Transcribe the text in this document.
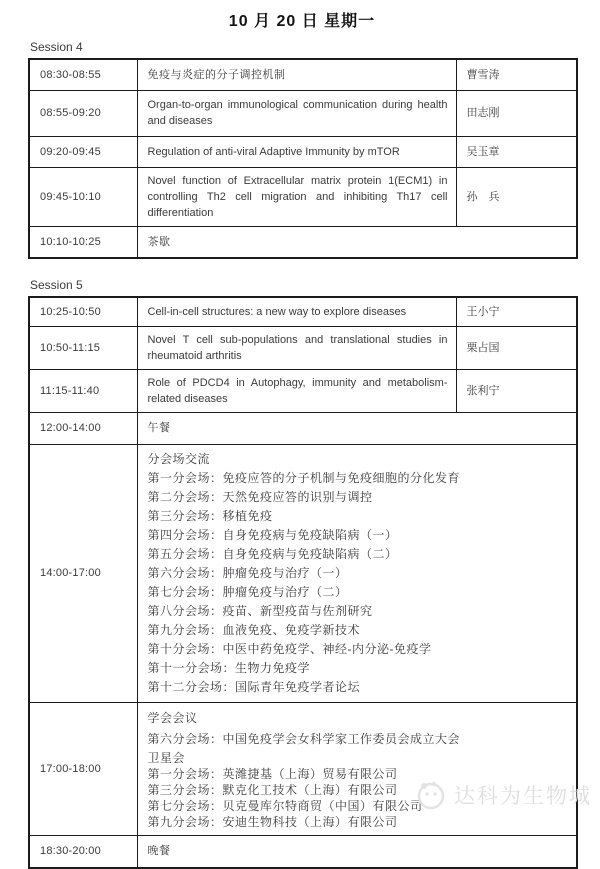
10 月 20 日 星期一
Session 4
08:30-08:55	免疫与炎症的分子调控机制	曹雪涛
08:55-09:20	Organ-to-organ immunological communication during health and diseases	田志刚
09:20-09:45	Regulation of anti-viral Adaptive Immunity by mTOR	吴玉章
09:45-10:10	Novel function of Extracellular matrix protein 1(ECM1) in controlling Th2 cell migration and inhibiting Th17 cell differentiation	孙　兵
10:10-10:25	茶歇	
Session 5
10:25-10:50	Cell-in-cell structures: a new way to explore diseases	王小宁
10:50-11:15	Novel T cell sub-populations and translational studies in rheumatoid arthritis	栗占国
11:15-11:40	Role of PDCD4 in Autophagy, immunity and metabolism-related diseases	张利宁
12:00-14:00	午餐	
14:00-17:00	
分会场交流
第一分会场：免疫应答的分子机制与免疫细胞的分化发育
第二分会场：天然免疫应答的识别与调控
第三分会场：移植免疫
第四分会场：自身免疫病与免疫缺陷病（一）
第五分会场：自身免疫病与免疫缺陷病（二）
第六分会场：肿瘤免疫与治疗（一）
第七分会场：肿瘤免疫与治疗（二）
第八分会场：疫苗、新型疫苗与佐剂研究
第九分会场：血液免疫、免疫学新技术
第十分会场：中医中药免疫学、神经-内分泌-免疫学
第十一分会场：生物力免疫学
第十二分会场：国际青年免疫学者论坛

17:00-18:00	
学会会议
第六分会场：中国免疫学会女科学家工作委员会成立大会
卫星会
第一分会场：英潍捷基（上海）贸易有限公司
第三分会场：默克化工技术（上海）有限公司
第七分会场：贝克曼库尔特商贸（中国）有限公司
第九分会场：安迪生物科技（上海）有限公司

18:30-20:00	晚餐	
达科为生物城
